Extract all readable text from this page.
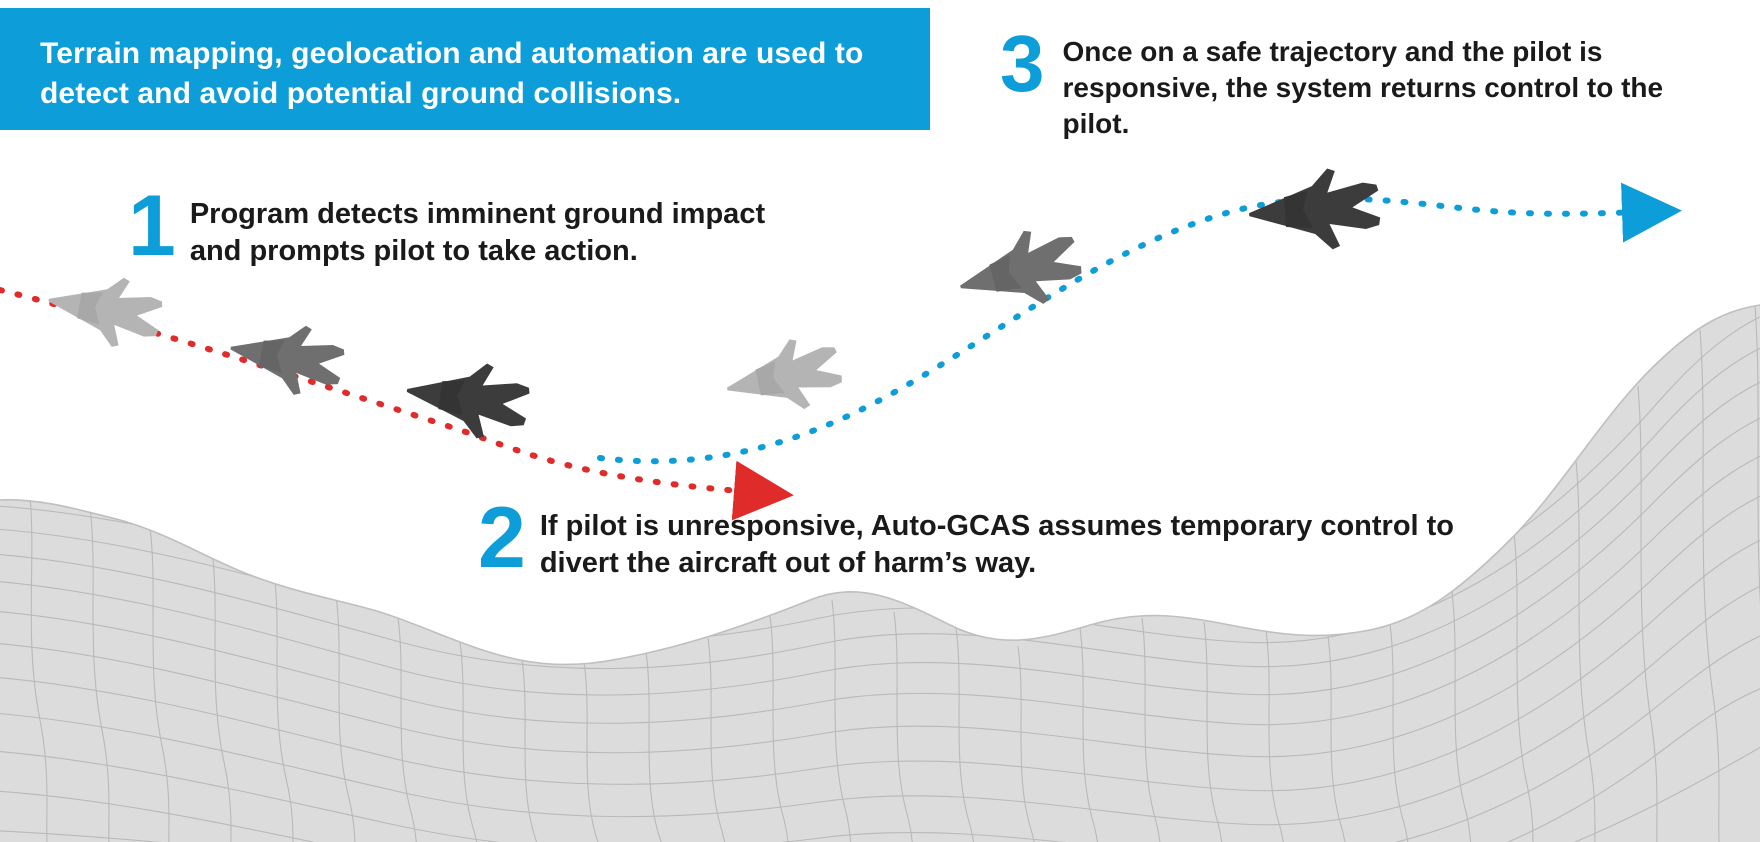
Terrain mapping, geolocation and automation are used to detect and avoid potential ground collisions.
1 Program detects imminent ground impact and prompts pilot to take action.
2 If pilot is unresponsive, Auto-GCAS assumes temporary control to divert the aircraft out of harm’s way.
3 Once on a safe trajectory and the pilot is responsive, the system returns control to the pilot.
